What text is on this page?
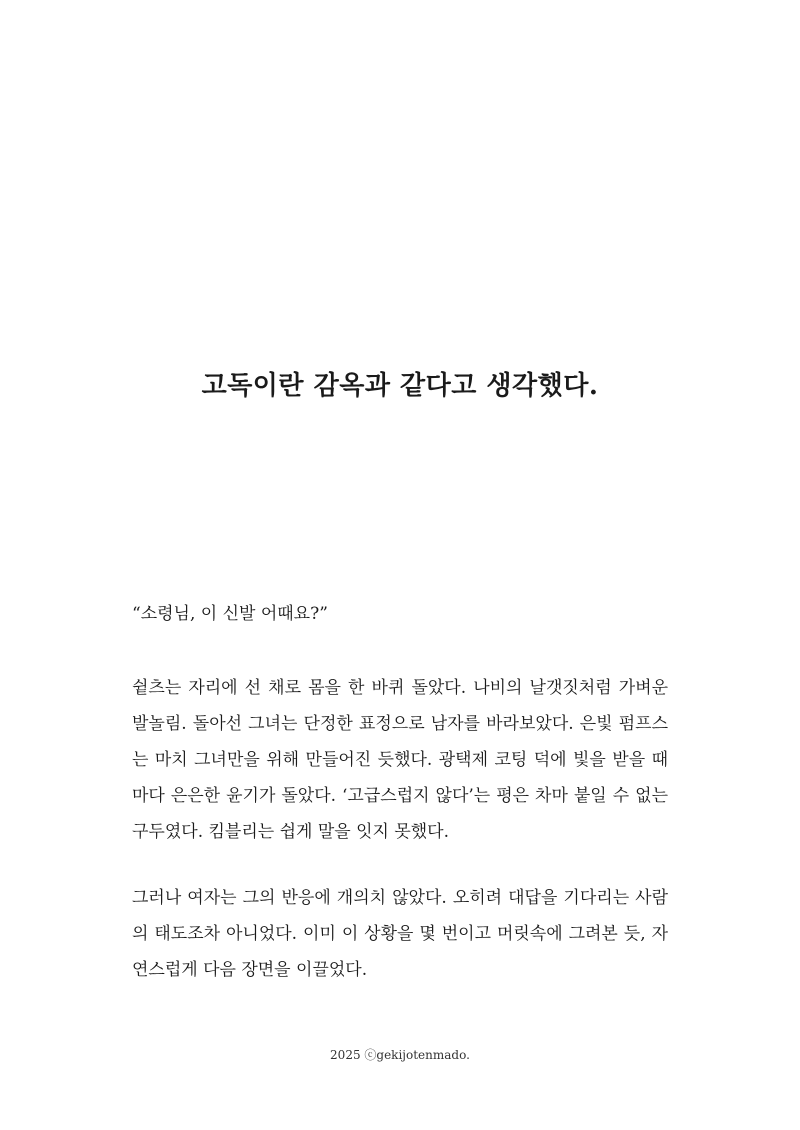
고독이란 감옥과 같다고 생각했다.

“소령님, 이 신발 어때요?”

슅츠는 자리에 선 채로 몸을 한 바퀴 돌았다. 나비의 날갯짓처럼 가벼운 발놀림. 돌아선 그녀는 단정한 표정으로 남자를 바라보았다. 은빛 펌프스는 마치 그녀만을 위해 만들어진 듯했다. 광택제 코팅 덕에 빛을 받을 때마다 은은한 윤기가 돌았다. ‘고급스럽지 않다’는 평은 차마 붙일 수 없는 구두였다. 킴블리는 쉽게 말을 잇지 못했다.

그러나 여자는 그의 반응에 개의치 않았다. 오히려 대답을 기다리는 사람의 태도조차 아니었다. 이미 이 상황을 몇 번이고 머릿속에 그려본 듯, 자연스럽게 다음 장면을 이끌었다.

2025 ⓒgekijotenmado.
